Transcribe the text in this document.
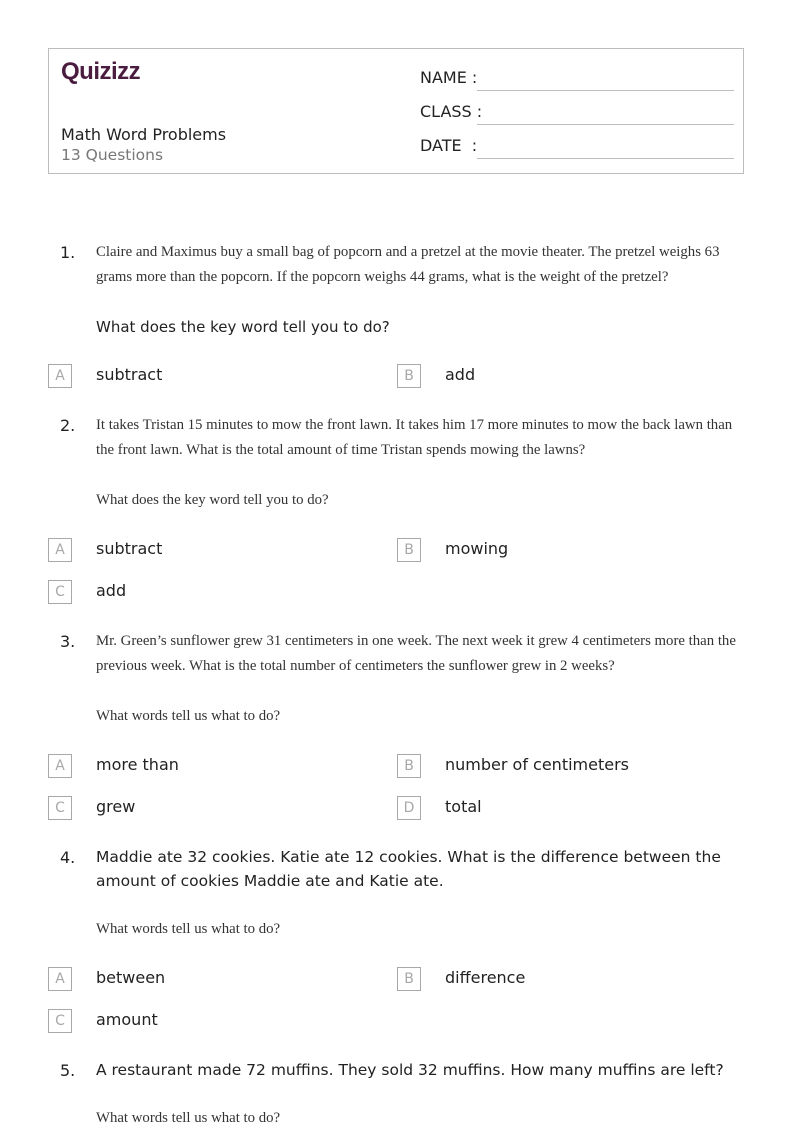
Quizizz
Math Word Problems
13 Questions
NAME :
CLASS :
DATE  :
1. Claire and Maximus buy a small bag of popcorn and a pretzel at the movie theater. The pretzel weighs 63 grams more than the popcorn. If the popcorn weighs 44 grams, what is the weight of the pretzel?
What does the key word tell you to do?
A	subtract	B	add
2. It takes Tristan 15 minutes to mow the front lawn. It takes him 17 more minutes to mow the back lawn than the front lawn. What is the total amount of time Tristan spends mowing the lawns?
What does the key word tell you to do?
A	subtract	B	mowing
C	add
3. Mr. Green’s sunflower grew 31 centimeters in one week. The next week it grew 4 centimeters more than the previous week. What is the total number of centimeters the sunflower grew in 2 weeks?
What words tell us what to do?
A	more than	B	number of centimeters
C	grew	D	total
4. Maddie ate 32 cookies. Katie ate 12 cookies. What is the difference between the amount of cookies Maddie ate and Katie ate.
What words tell us what to do?
A	between	B	difference
C	amount
5. A restaurant made 72 muffins. They sold 32 muffins. How many muffins are left?
What words tell us what to do?
